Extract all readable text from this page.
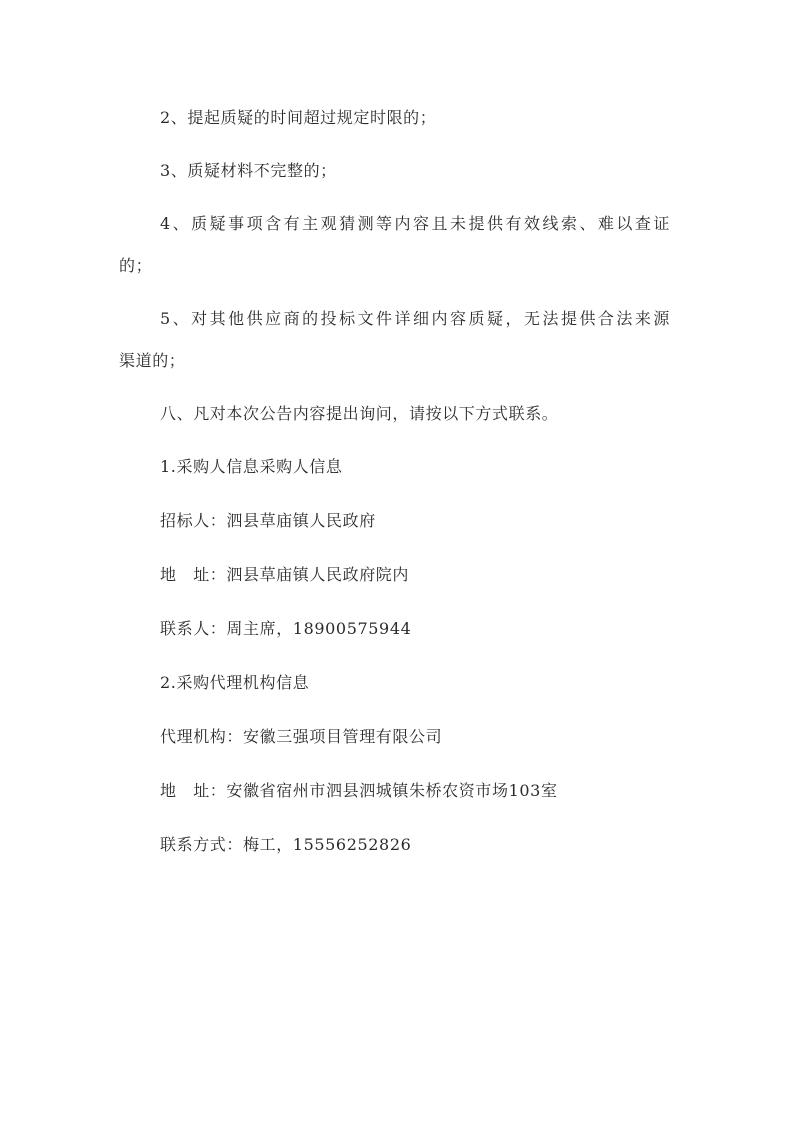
2、提起质疑的时间超过规定时限的；
3、质疑材料不完整的；
4、质疑事项含有主观猜测等内容且未提供有效线索、难以查证
的；
5、对其他供应商的投标文件详细内容质疑，无法提供合法来源
渠道的；
八、凡对本次公告内容提出询问，请按以下方式联系。
1.采购人信息采购人信息
招标人：泗县草庙镇人民政府
地　址：泗县草庙镇人民政府院内
联系人：周主席，18900575944
2.采购代理机构信息
代理机构：安徽三强项目管理有限公司
地　址：安徽省宿州市泗县泗城镇朱桥农资市场103室
联系方式：梅工，15556252826
